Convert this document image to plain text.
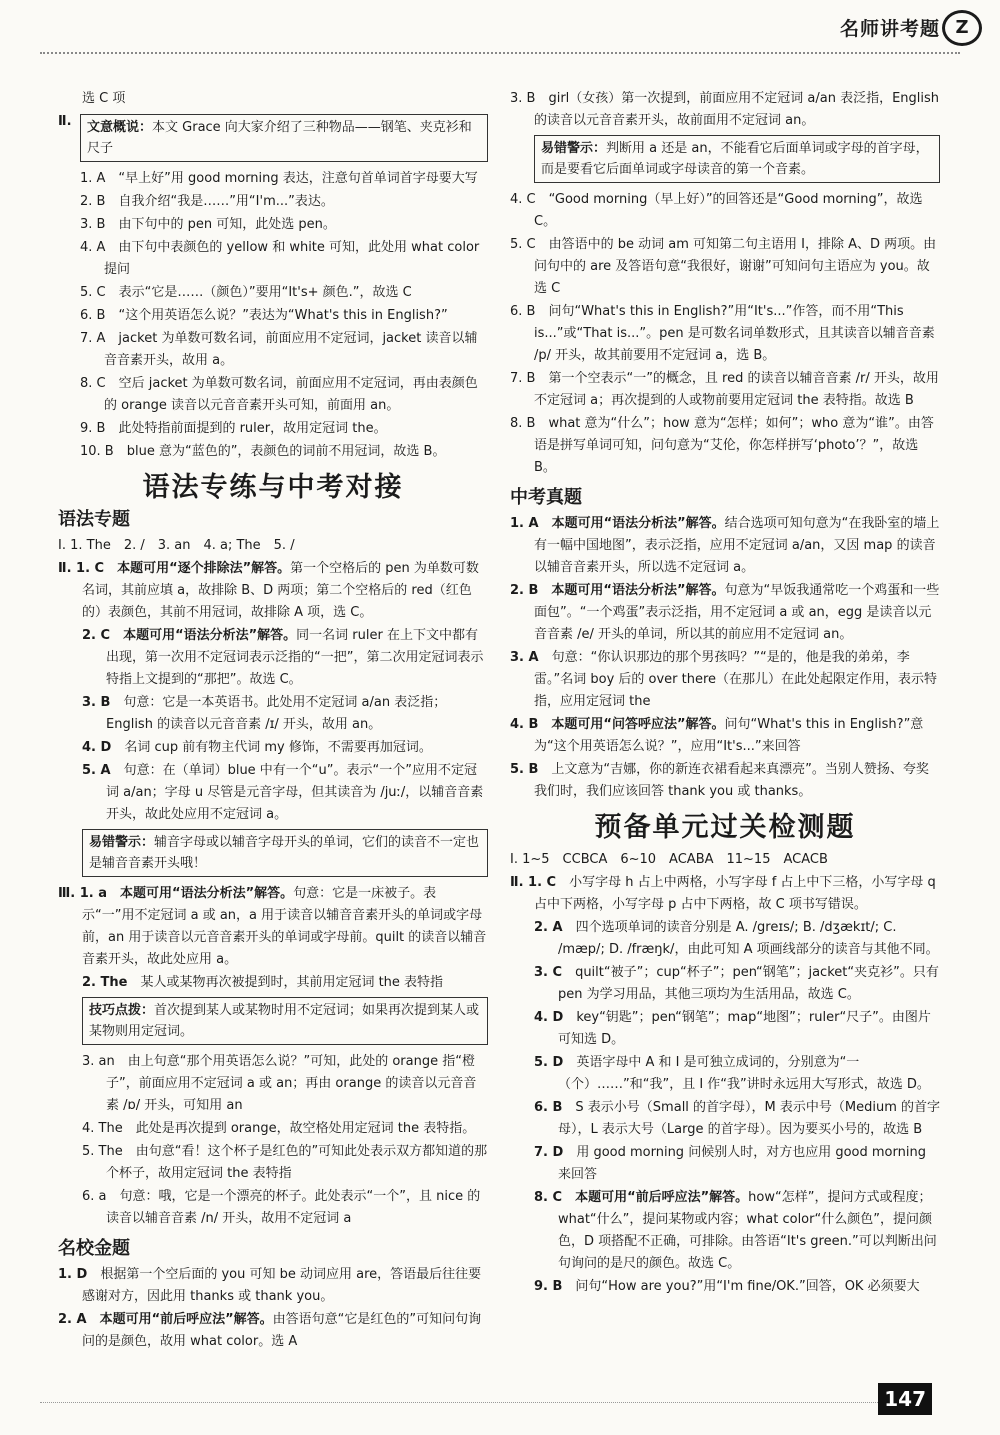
名师讲考题 Z
选 C 项
Ⅱ.	文意概说：本文 Grace 向大家介绍了三种物品——钢笔、夹克衫和尺子
1. A　“早上好”用 good morning 表达，注意句首单词首字母要大写
2. B　自我介绍“我是……”用“I'm...”表达。
3. B　由下句中的 pen 可知，此处选 pen。
4. A　由下句中表颜色的 yellow 和 white 可知，此处用 what color 提问
5. C　表示“它是……（颜色）”要用“It's+ 颜色.”，故选 C
6. B　“这个用英语怎么说？”表达为“What's this in English?”
7. A　jacket 为单数可数名词，前面应用不定冠词，jacket 读音以辅音音素开头，故用 a。
8. C　空后 jacket 为单数可数名词，前面应用不定冠词，再由表颜色的 orange 读音以元音音素开头可知，前面用 an。
9. B　此处特指前面提到的 ruler，故用定冠词 the。
10. B　blue 意为“蓝色的”，表颜色的词前不用冠词，故选 B。
语法专练与中考对接
语法专题
Ⅰ. 1. The　2. /　3. an　4. a; The　5. /
Ⅱ. 1. C　本题可用“逐个排除法”解答。第一个空格后的 pen 为单数可数名词，其前应填 a，故排除 B、D 两项；第二个空格后的 red（红色的）表颜色，其前不用冠词，故排除 A 项，选 C。
2. C　本题可用“语法分析法”解答。同一名词 ruler 在上下文中都有出现，第一次用不定冠词表示泛指的“一把”，第二次用定冠词表示特指上文提到的“那把”。故选 C。
3. B　句意：它是一本英语书。此处用不定冠词 a/an 表泛指；English 的读音以元音音素 /ɪ/ 开头，故用 an。
4. D　名词 cup 前有物主代词 my 修饰，不需要再加冠词。
5. A　句意：在（单词）blue 中有一个“u”。表示“一个”应用不定冠词 a/an；字母 u 尽管是元音字母，但其读音为 /juː/，以辅音音素开头，故此处应用不定冠词 a。
易错警示：辅音字母或以辅音字母开头的单词，它们的读音不一定也是辅音音素开头哦！
Ⅲ. 1. a　本题可用“语法分析法”解答。句意：它是一床被子。表示“一”用不定冠词 a 或 an，a 用于读音以辅音音素开头的单词或字母前，an 用于读音以元音音素开头的单词或字母前。quilt 的读音以辅音音素开头，故此处应用 a。
2. The　某人或某物再次被提到时，其前用定冠词 the 表特指
技巧点拨：首次提到某人或某物时用不定冠词；如果再次提到某人或某物则用定冠词。
3. an　由上句意“那个用英语怎么说？”可知，此处的 orange 指“橙子”，前面应用不定冠词 a 或 an；再由 orange 的读音以元音音素 /ɒ/ 开头，可知用 an
4. The　此处是再次提到 orange，故空格处用定冠词 the 表特指。
5. The　由句意“看！这个杯子是红色的”可知此处表示双方都知道的那个杯子，故用定冠词 the 表特指
6. a　句意：哦，它是一个漂亮的杯子。此处表示“一个”，且 nice 的读音以辅音音素 /n/ 开头，故用不定冠词 a
名校金题
1. D　根据第一个空后面的 you 可知 be 动词应用 are，答语最后往往要感谢对方，因此用 thanks 或 thank you。
2. A　本题可用“前后呼应法”解答。由答语句意“它是红色的”可知问句询问的是颜色，故用 what color。选 A
3. B　girl（女孩）第一次提到，前面应用不定冠词 a/an 表泛指，English 的读音以元音音素开头，故前面用不定冠词 an。
易错警示：判断用 a 还是 an，不能看它后面单词或字母的首字母，而是要看它后面单词或字母读音的第一个音素。
4. C　“Good morning（早上好）”的回答还是“Good morning”，故选 C。
5. C　由答语中的 be 动词 am 可知第二句主语用 I，排除 A、D 两项。由问句中的 are 及答语句意“我很好，谢谢”可知问句主语应为 you。故选 C
6. B　问句“What's this in English?”用“It's...”作答，而不用“This is...”或“That is...”。pen 是可数名词单数形式，且其读音以辅音音素 /p/ 开头，故其前要用不定冠词 a，选 B。
7. B　第一个空表示“一”的概念，且 red 的读音以辅音音素 /r/ 开头，故用不定冠词 a；再次提到的人或物前要用定冠词 the 表特指。故选 B
8. B　what 意为“什么”；how 意为“怎样；如何”；who 意为“谁”。由答语是拼写单词可知，问句意为“艾伦，你怎样拼写‘photo’？”，故选 B。
中考真题
1. A　本题可用“语法分析法”解答。结合选项可知句意为“在我卧室的墙上有一幅中国地图”，表示泛指，应用不定冠词 a/an，又因 map 的读音以辅音音素开头，所以选不定冠词 a。
2. B　本题可用“语法分析法”解答。句意为“早饭我通常吃一个鸡蛋和一些面包”。“一个鸡蛋”表示泛指，用不定冠词 a 或 an，egg 是读音以元音音素 /e/ 开头的单词，所以其的前应用不定冠词 an。
3. A　句意：“你认识那边的那个男孩吗？”“是的，他是我的弟弟，李雷。”名词 boy 后的 over there（在那儿）在此处起限定作用，表示特指，应用定冠词 the
4. B　本题可用“问答呼应法”解答。问句“What's this in English?”意为“这个用英语怎么说？”，应用“It's...”来回答
5. B　上文意为“吉娜，你的新连衣裙看起来真漂亮”。当别人赞扬、夸奖我们时，我们应该回答 thank you 或 thanks。
预备单元过关检测题
Ⅰ. 1~5　CCBCA　6~10　ACABA　11~15　ACACB
Ⅱ. 1. C　小写字母 h 占上中两格，小写字母 f 占上中下三格，小写字母 q 占中下两格，小写字母 p 占中下两格，故 C 项书写错误。
2. A　四个选项单词的读音分别是 A. /greɪs/; B. /dʒækɪt/; C. /mæp/; D. /fræŋk/，由此可知 A 项画线部分的读音与其他不同。
3. C　quilt“被子”；cup“杯子”；pen“钢笔”；jacket“夹克衫”。只有 pen 为学习用品，其他三项均为生活用品，故选 C。
4. D　key“钥匙”；pen“钢笔”；map“地图”；ruler“尺子”。由图片可知选 D。
5. D　英语字母中 A 和 I 是可独立成词的，分别意为“一（个）……”和“我”，且 I 作“我”讲时永远用大写形式，故选 D。
6. B　S 表示小号（Small 的首字母），M 表示中号（Medium 的首字母），L 表示大号（Large 的首字母）。因为要买小号的，故选 B
7. D　用 good morning 问候别人时，对方也应用 good morning 来回答
8. C　本题可用“前后呼应法”解答。how“怎样”，提问方式或程度；what“什么”，提问某物或内容；what color“什么颜色”，提问颜色，D 项搭配不正确，可排除。由答语“It's green.”可以判断出问句询问的是尺的颜色。故选 C。
9. B　问句“How are you?”用“I'm fine/OK.”回答，OK 必须要大
147
